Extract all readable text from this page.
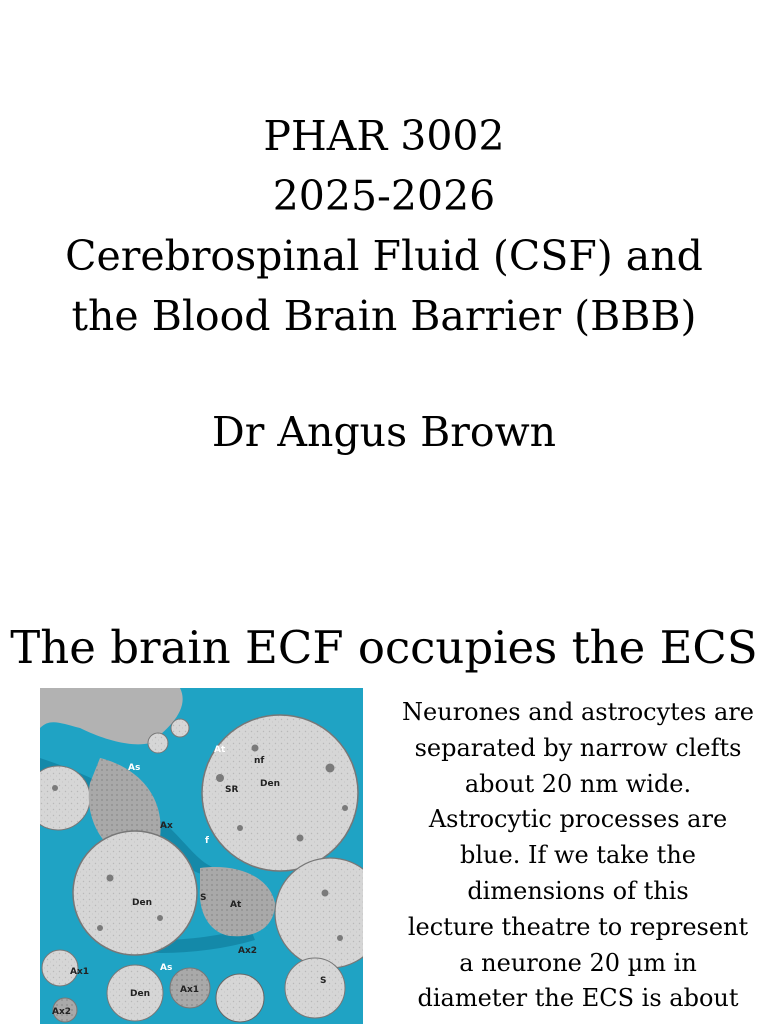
PHAR 3002
2025-2026
Cerebrospinal Fluid (CSF) and
the Blood Brain Barrier (BBB)
Dr Angus Brown
The brain ECF occupies the ECS
As
At
nf
SR
Den
Ax
f
Den	S
At
Ax1
Ax2
As
Den	Ax1
Ax2
S
Neurones and astrocytes are
separated by narrow clefts
about 20 nm wide.
Astrocytic processes are
blue. If we take the
dimensions of this
lecture theatre to represent
a neurone 20 µm in
diameter the ECS is about
